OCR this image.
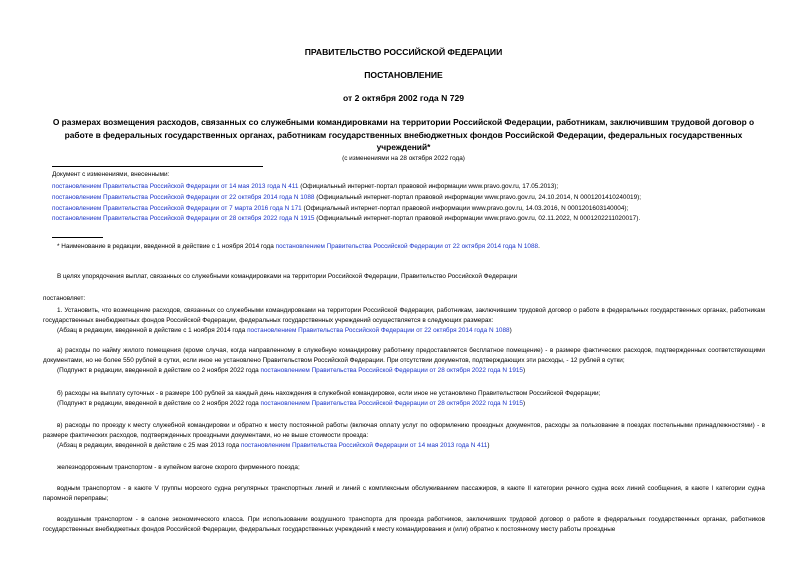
ПРАВИТЕЛЬСТВО РОССИЙСКОЙ ФЕДЕРАЦИИ
ПОСТАНОВЛЕНИЕ
от 2 октября 2002 года N 729
О размерах возмещения расходов, связанных со служебными командировками на территории Российской Федерации, работникам, заключившим трудовой договор о работе в федеральных государственных органах, работникам государственных внебюджетных фондов Российской Федерации, федеральных государственных учреждений*
(с изменениями на 28 октября 2022 года)
Документ с изменениями, внесенными:
постановлением Правительства Российской Федерации от 14 мая 2013 года N 411 (Официальный интернет-портал правовой информации www.pravo.gov.ru, 17.05.2013);
постановлением Правительства Российской Федерации от 22 октября 2014 года N 1088 (Официальный интернет-портал правовой информации www.pravo.gov.ru, 24.10.2014, N 0001201410240019);
постановлением Правительства Российской Федерации от 7 марта 2016 года N 171 (Официальный интернет-портал правовой информации www.pravo.gov.ru, 14.03.2016, N 0001201603140004);
постановлением Правительства Российской Федерации от 28 октября 2022 года N 1915 (Официальный интернет-портал правовой информации www.pravo.gov.ru, 02.11.2022, N 0001202211020017).
* Наименование в редакции, введенной в действие с 1 ноября 2014 года постановлением Правительства Российской Федерации от 22 октября 2014 года N 1088.
В целях упорядочения выплат, связанных со служебными командировками на территории Российской Федерации, Правительство Российской Федерации
постановляет:
1. Установить, что возмещение расходов, связанных со служебными командировками на территории Российской Федерации, работникам, заключившим трудовой договор о работе в федеральных государственных органах, работникам государственных внебюджетных фондов Российской Федерации, федеральных государственных учреждений осуществляется в следующих размерах:
(Абзац в редакции, введенной в действие с 1 ноября 2014 года постановлением Правительства Российской Федерации от 22 октября 2014 года N 1088)
а) расходы по найму жилого помещения (кроме случая, когда направленному в служебную командировку работнику предоставляется бесплатное помещение) - в размере фактических расходов, подтвержденных соответствующими документами, но не более 550 рублей в сутки, если иное не установлено Правительством Российской Федерации. При отсутствии документов, подтверждающих эти расходы, - 12 рублей в сутки;
(Подпункт в редакции, введенной в действие со 2 ноября 2022 года постановлением Правительства Российской Федерации от 28 октября 2022 года N 1915)
б) расходы на выплату суточных - в размере 100 рублей за каждый день нахождения в служебной командировке, если иное не установлено Правительством Российской Федерации;
(Подпункт в редакции, введенной в действие со 2 ноября 2022 года постановлением Правительства Российской Федерации от 28 октября 2022 года N 1915)
в) расходы по проезду к месту служебной командировки и обратно к месту постоянной работы (включая оплату услуг по оформлению проездных документов, расходы за пользование в поездах постельными принадлежностями) - в размере фактических расходов, подтвержденных проездными документами, но не выше стоимости проезда:
(Абзац в редакции, введенной в действие с 25 мая 2013 года постановлением Правительства Российской Федерации от 14 мая 2013 года N 411)
железнодорожным транспортом - в купейном вагоне скорого фирменного поезда;
водным транспортом - в каюте V группы морского судна регулярных транспортных линий и линий с комплексным обслуживанием пассажиров, в каюте II категории речного судна всех линий сообщения, в каюте I категории судна паромной переправы;
воздушным транспортом - в салоне экономического класса. При использовании воздушного транспорта для проезда работников, заключивших трудовой договор о работе в федеральных государственных органах, работников государственных внебюджетных фондов Российской Федерации, федеральных государственных учреждений к месту командирования и (или) обратно к постоянному месту работы проездные
